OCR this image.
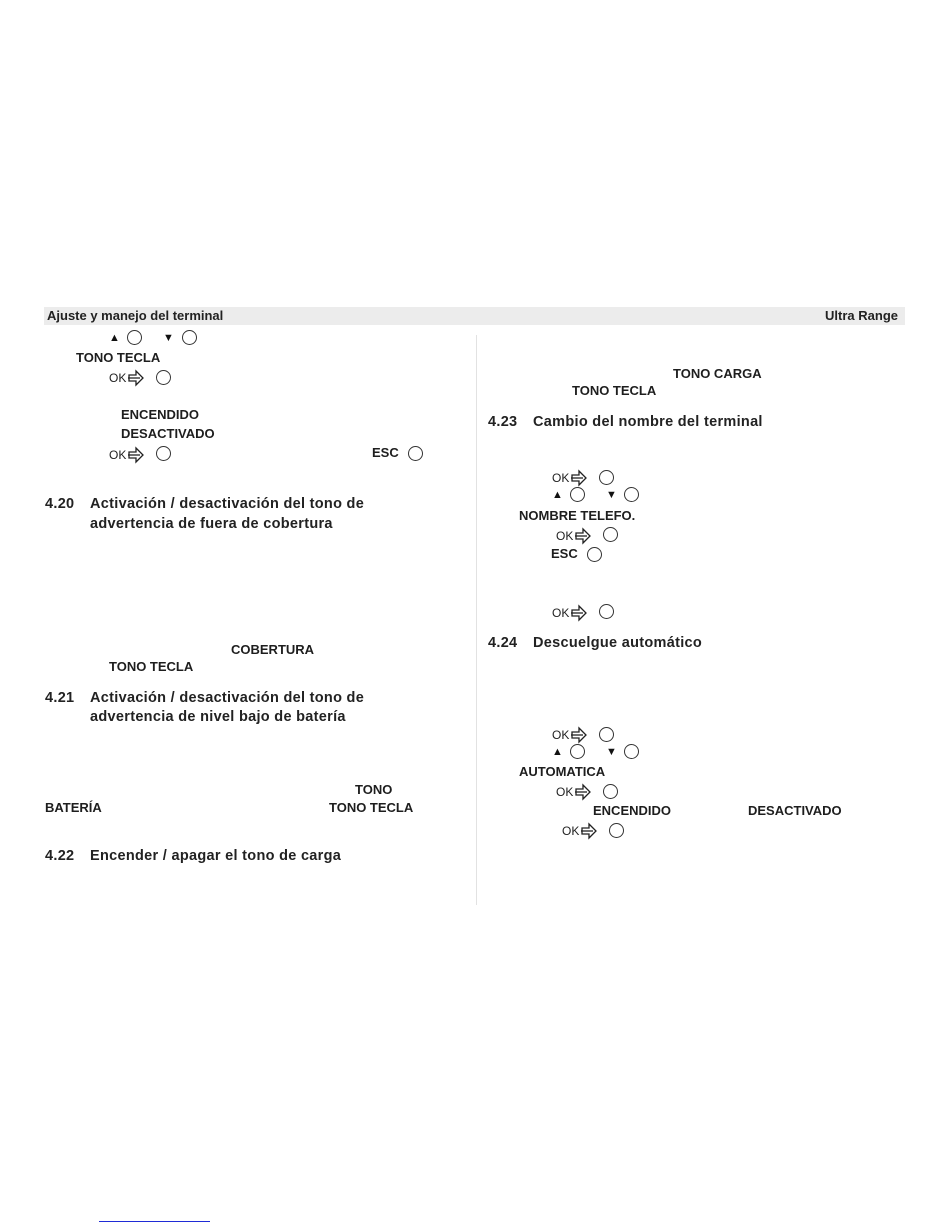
Ajuste y manejo del terminal	Ultra Range
▲	▼
TONO TECLA
OK
ENCENDIDO
DESACTIVADO
OK	ESC
4.20 Activación / desactivación del tono de
advertencia de fuera de cobertura
COBERTURA
TONO TECLA
4.21 Activación / desactivación del tono de
advertencia de nivel bajo de batería
TONO
BATERÍA	TONO TECLA
4.22 Encender / apagar el tono de carga
TONO CARGA
TONO TECLA
4.23 Cambio del nombre del terminal
OK
▲	▼
NOMBRE TELEFO.
OK
ESC
OK
4.24 Descuelgue automático
OK
▲	▼
AUTOMATICA
OK
ENCENDIDO	DESACTIVADO
OK
